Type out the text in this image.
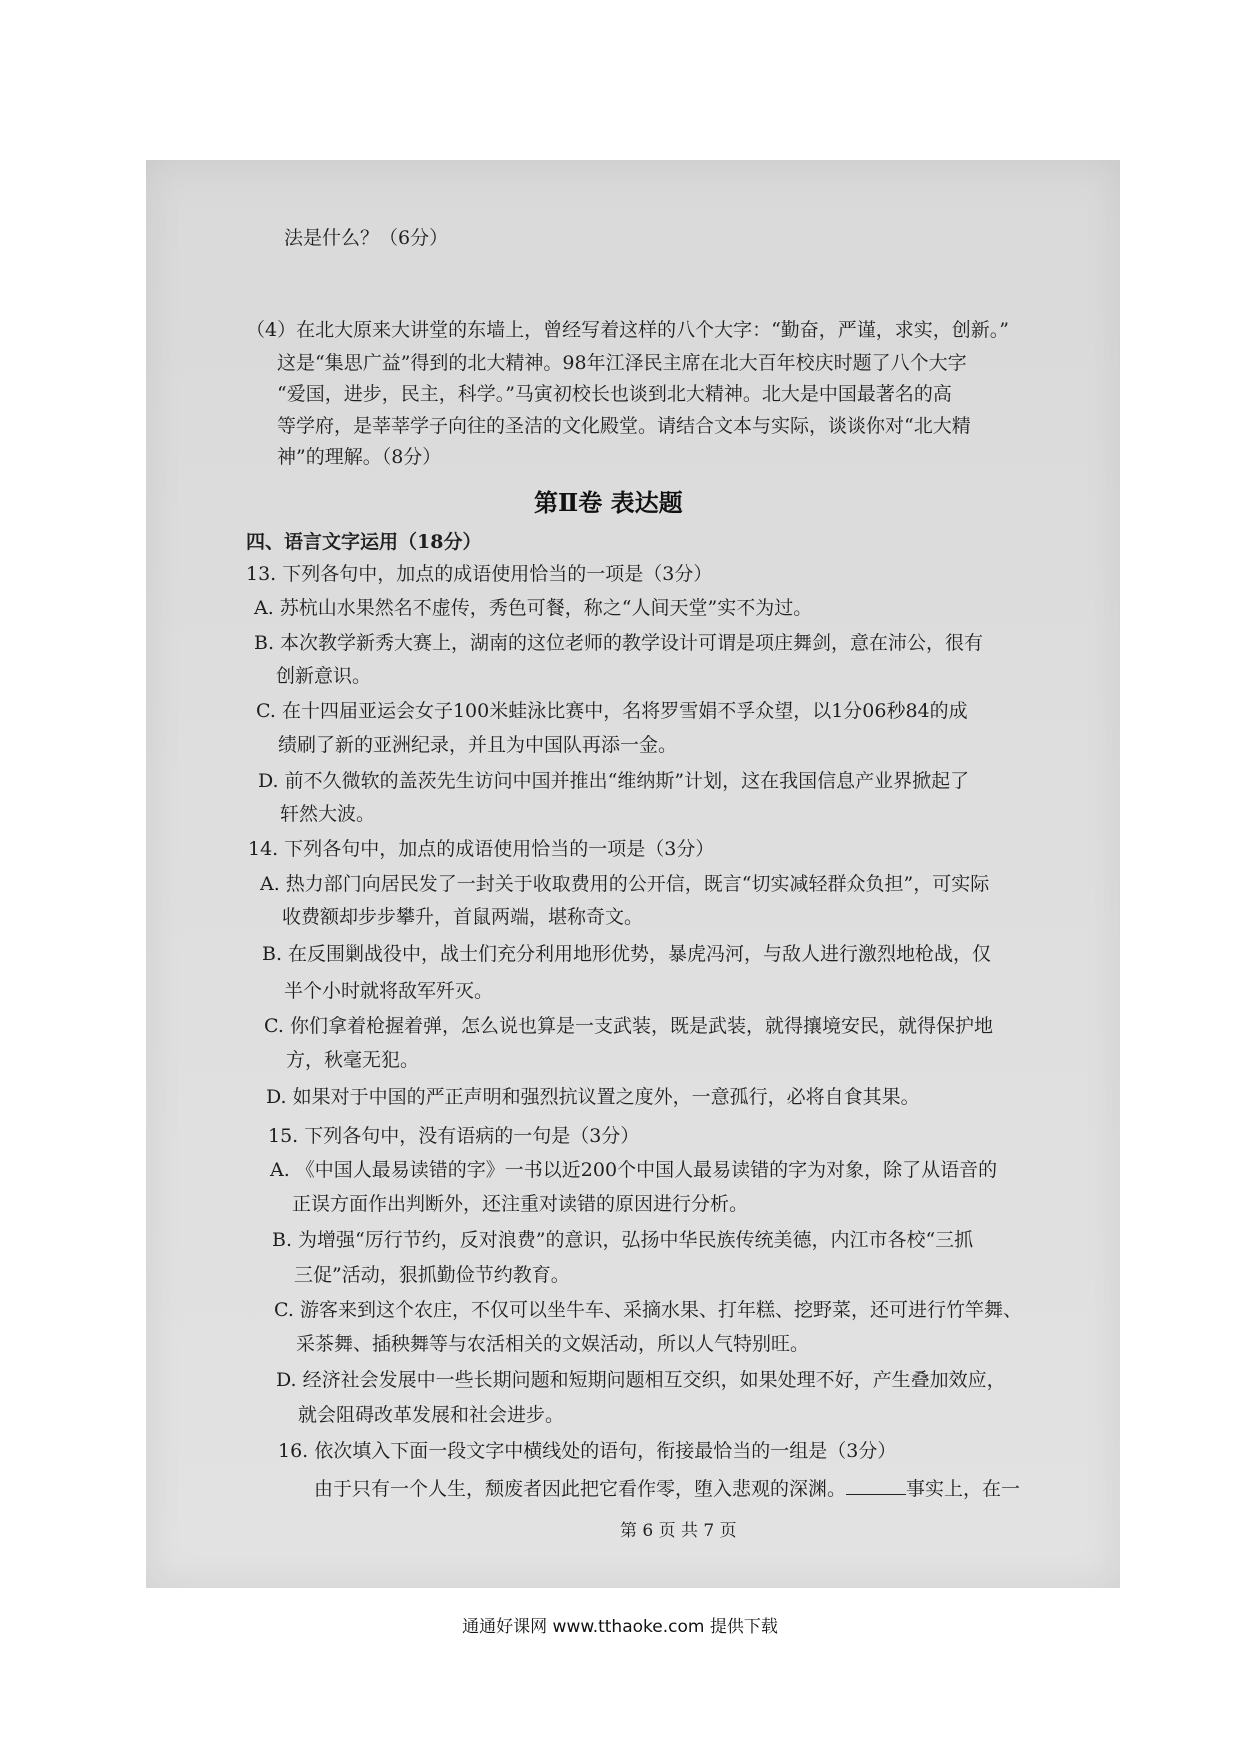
法是什么？（6分）
（4）在北大原来大讲堂的东墙上，曾经写着这样的八个大字：“勤奋，严谨，求实，创新。”
这是“集思广益”得到的北大精神。98年江泽民主席在北大百年校庆时题了八个大字
“爱国，进步，民主，科学。”马寅初校长也谈到北大精神。北大是中国最著名的高
等学府，是莘莘学子向往的圣洁的文化殿堂。请结合文本与实际，谈谈你对“北大精
神”的理解。（8分）
第Ⅱ卷 表达题
四、语言文字运用（18分）
13. 下列各句中，加点的成语使用恰当的一项是（3分）
A. 苏杭山水果然名不虚传，秀色可餐，称之“人间天堂”实不为过。
B. 本次教学新秀大赛上，湖南的这位老师的教学设计可谓是项庄舞剑，意在沛公，很有
创新意识。
C. 在十四届亚运会女子100米蛙泳比赛中，名将罗雪娟不孚众望，以1分06秒84的成
绩刷了新的亚洲纪录，并且为中国队再添一金。
D. 前不久微软的盖茨先生访问中国并推出“维纳斯”计划，这在我国信息产业界掀起了
轩然大波。
14. 下列各句中，加点的成语使用恰当的一项是（3分）
A. 热力部门向居民发了一封关于收取费用的公开信，既言“切实减轻群众负担”，可实际
收费额却步步攀升，首鼠两端，堪称奇文。
B. 在反围剿战役中，战士们充分利用地形优势，暴虎冯河，与敌人进行激烈地枪战，仅
半个小时就将敌军歼灭。
C. 你们拿着枪握着弹，怎么说也算是一支武装，既是武装，就得攘境安民，就得保护地
方，秋毫无犯。
D. 如果对于中国的严正声明和强烈抗议置之度外，一意孤行，必将自食其果。
15. 下列各句中，没有语病的一句是（3分）
A. 《中国人最易读错的字》一书以近200个中国人最易读错的字为对象，除了从语音的
正误方面作出判断外，还注重对读错的原因进行分析。
B. 为增强“厉行节约，反对浪费”的意识，弘扬中华民族传统美德，内江市各校“三抓
三促”活动，狠抓勤俭节约教育。
C. 游客来到这个农庄，不仅可以坐牛车、采摘水果、打年糕、挖野菜，还可进行竹竿舞、
采茶舞、插秧舞等与农活相关的文娱活动，所以人气特别旺。
D. 经济社会发展中一些长期问题和短期问题相互交织，如果处理不好，产生叠加效应，
就会阻碍改革发展和社会进步。
16. 依次填入下面一段文字中横线处的语句，衔接最恰当的一组是（3分）
由于只有一个人生，颓废者因此把它看作零，堕入悲观的深渊。	事实上，在一
第 6 页 共 7 页
通通好课网 www.tthaoke.com 提供下载
